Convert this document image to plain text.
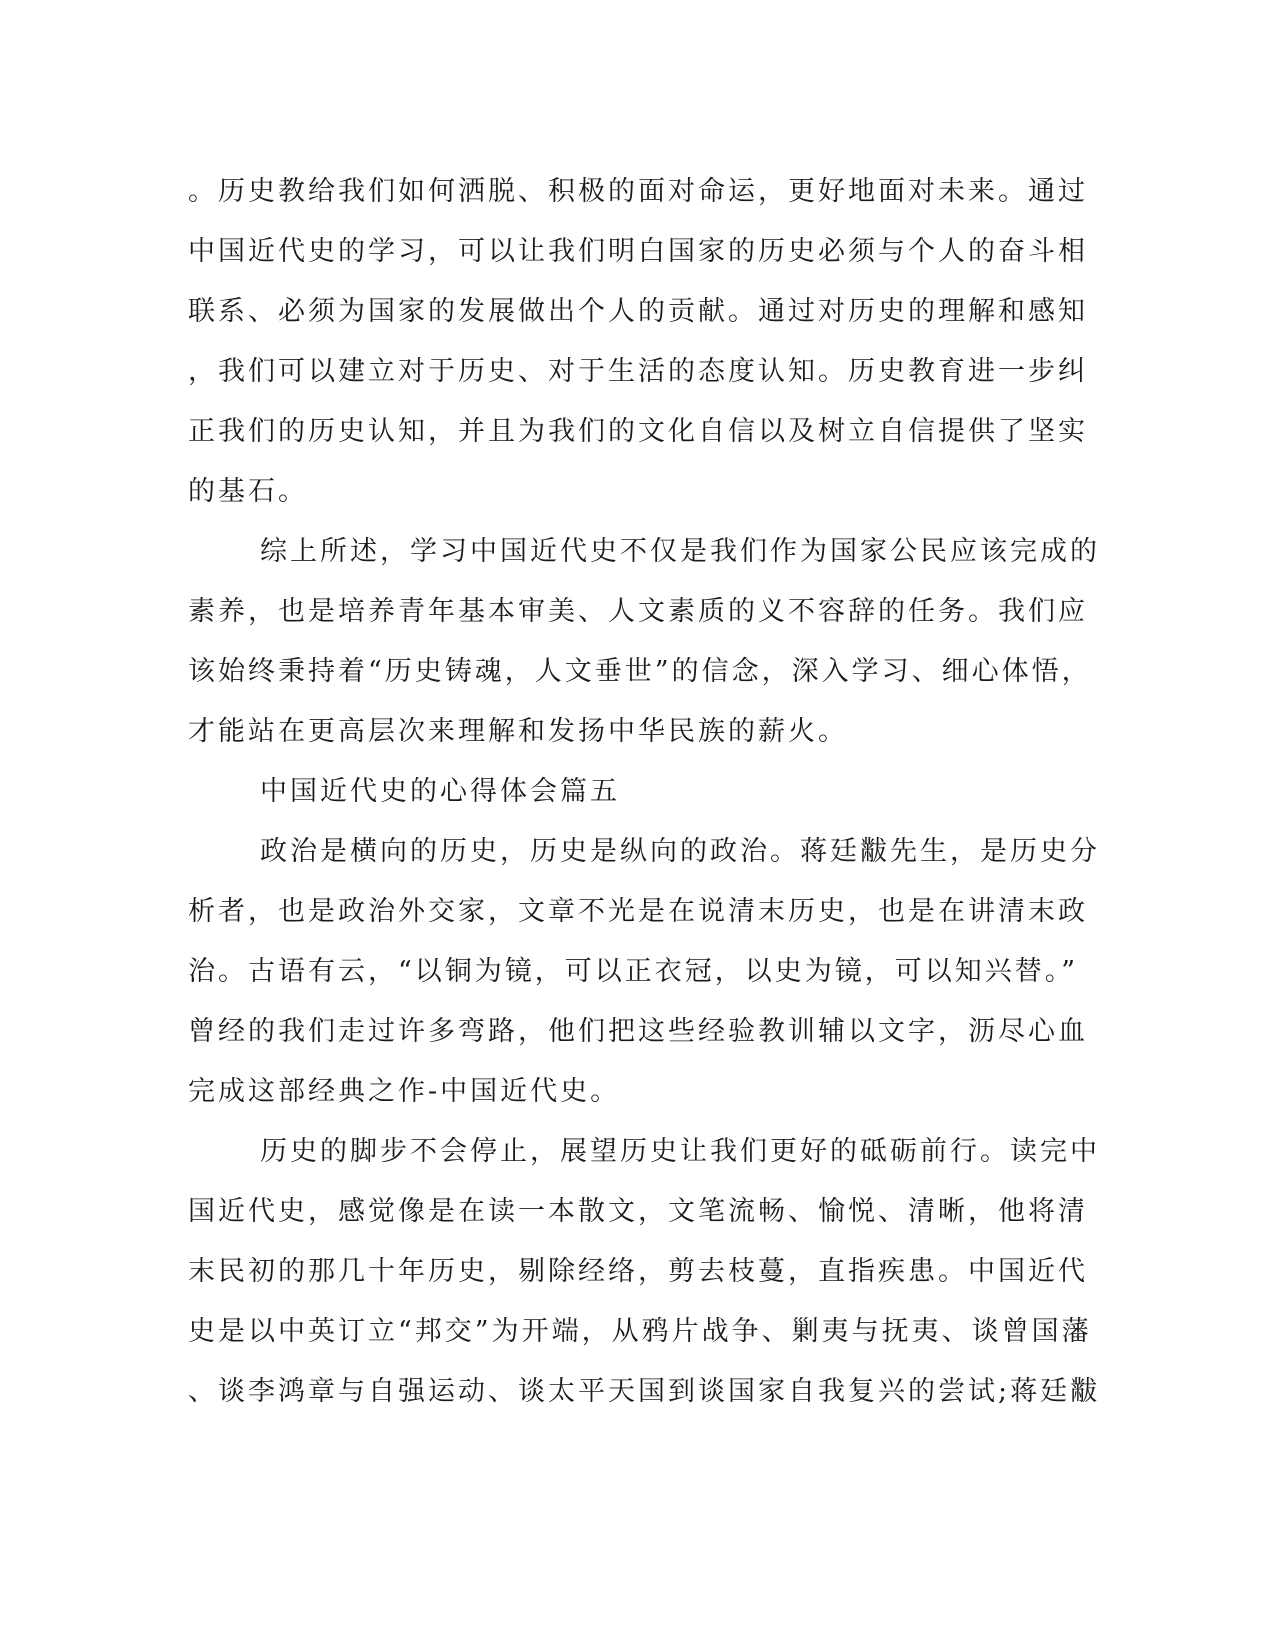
。历史教给我们如何洒脱、积极的面对命运，更好地面对未来。通过
中国近代史的学习，可以让我们明白国家的历史必须与个人的奋斗相
联系、必须为国家的发展做出个人的贡献。通过对历史的理解和感知
，我们可以建立对于历史、对于生活的态度认知。历史教育进一步纠
正我们的历史认知，并且为我们的文化自信以及树立自信提供了坚实
的基石。
综上所述，学习中国近代史不仅是我们作为国家公民应该完成的
素养，也是培养青年基本审美、人文素质的义不容辞的任务。我们应
该始终秉持着“历史铸魂，人文垂世”的信念，深入学习、细心体悟，
才能站在更高层次来理解和发扬中华民族的薪火。
中国近代史的心得体会篇五
政治是横向的历史，历史是纵向的政治。蒋廷黻先生，是历史分
析者，也是政治外交家，文章不光是在说清末历史，也是在讲清末政
治。古语有云，“以铜为镜，可以正衣冠，以史为镜，可以知兴替。”
曾经的我们走过许多弯路，他们把这些经验教训辅以文字，沥尽心血
完成这部经典之作-中国近代史。
历史的脚步不会停止，展望历史让我们更好的砥砺前行。读完中
国近代史，感觉像是在读一本散文，文笔流畅、愉悦、清晰，他将清
末民初的那几十年历史，剔除经络，剪去枝蔓，直指疾患。中国近代
史是以中英订立“邦交”为开端，从鸦片战争、剿夷与抚夷、谈曾国藩
、谈李鸿章与自强运动、谈太平天国到谈国家自我复兴的尝试;蒋廷黻
